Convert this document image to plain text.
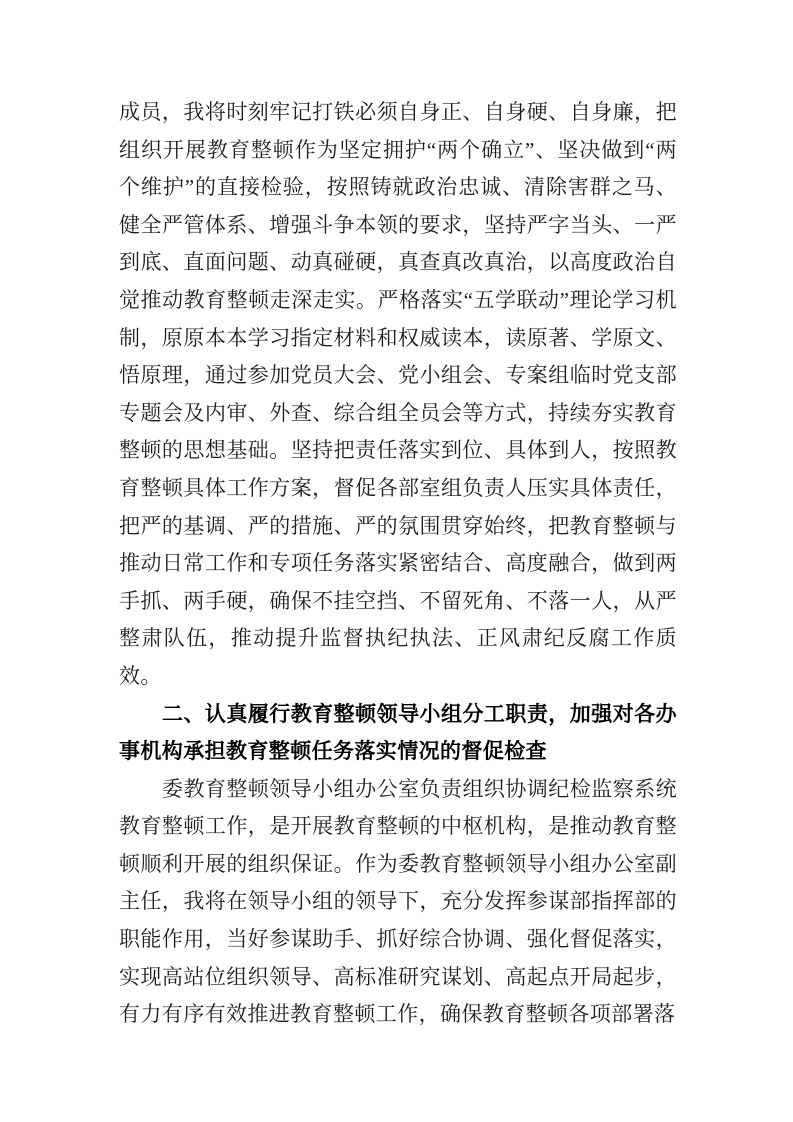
成员，我将时刻牢记打铁必须自身正、自身硬、自身廉，把组织开展教育整顿作为坚定拥护“两个确立”、坚决做到“两个维护”的直接检验，按照铸就政治忠诚、清除害群之马、健全严管体系、增强斗争本领的要求，坚持严字当头、一严到底、直面问题、动真碰硬，真查真改真治，以高度政治自觉推动教育整顿走深走实。严格落实“五学联动”理论学习机制，原原本本学习指定材料和权威读本，读原著、学原文、悟原理，通过参加党员大会、党小组会、专案组临时党支部专题会及内审、外查、综合组全员会等方式，持续夯实教育整顿的思想基础。坚持把责任落实到位、具体到人，按照教育整顿具体工作方案，督促各部室组负责人压实具体责任，把严的基调、严的措施、严的氛围贯穿始终，把教育整顿与推动日常工作和专项任务落实紧密结合、高度融合，做到两手抓、两手硬，确保不挂空挡、不留死角、不落一人，从严整肃队伍，推动提升监督执纪执法、正风肃纪反腐工作质效。

二、认真履行教育整顿领导小组分工职责，加强对各办事机构承担教育整顿任务落实情况的督促检查

委教育整顿领导小组办公室负责组织协调纪检监察系统教育整顿工作，是开展教育整顿的中枢机构，是推动教育整顿顺利开展的组织保证。作为委教育整顿领导小组办公室副主任，我将在领导小组的领导下，充分发挥参谋部指挥部的职能作用，当好参谋助手、抓好综合协调、强化督促落实，实现高站位组织领导、高标准研究谋划、高起点开局起步，有力有序有效推进教育整顿工作，确保教育整顿各项部署落
